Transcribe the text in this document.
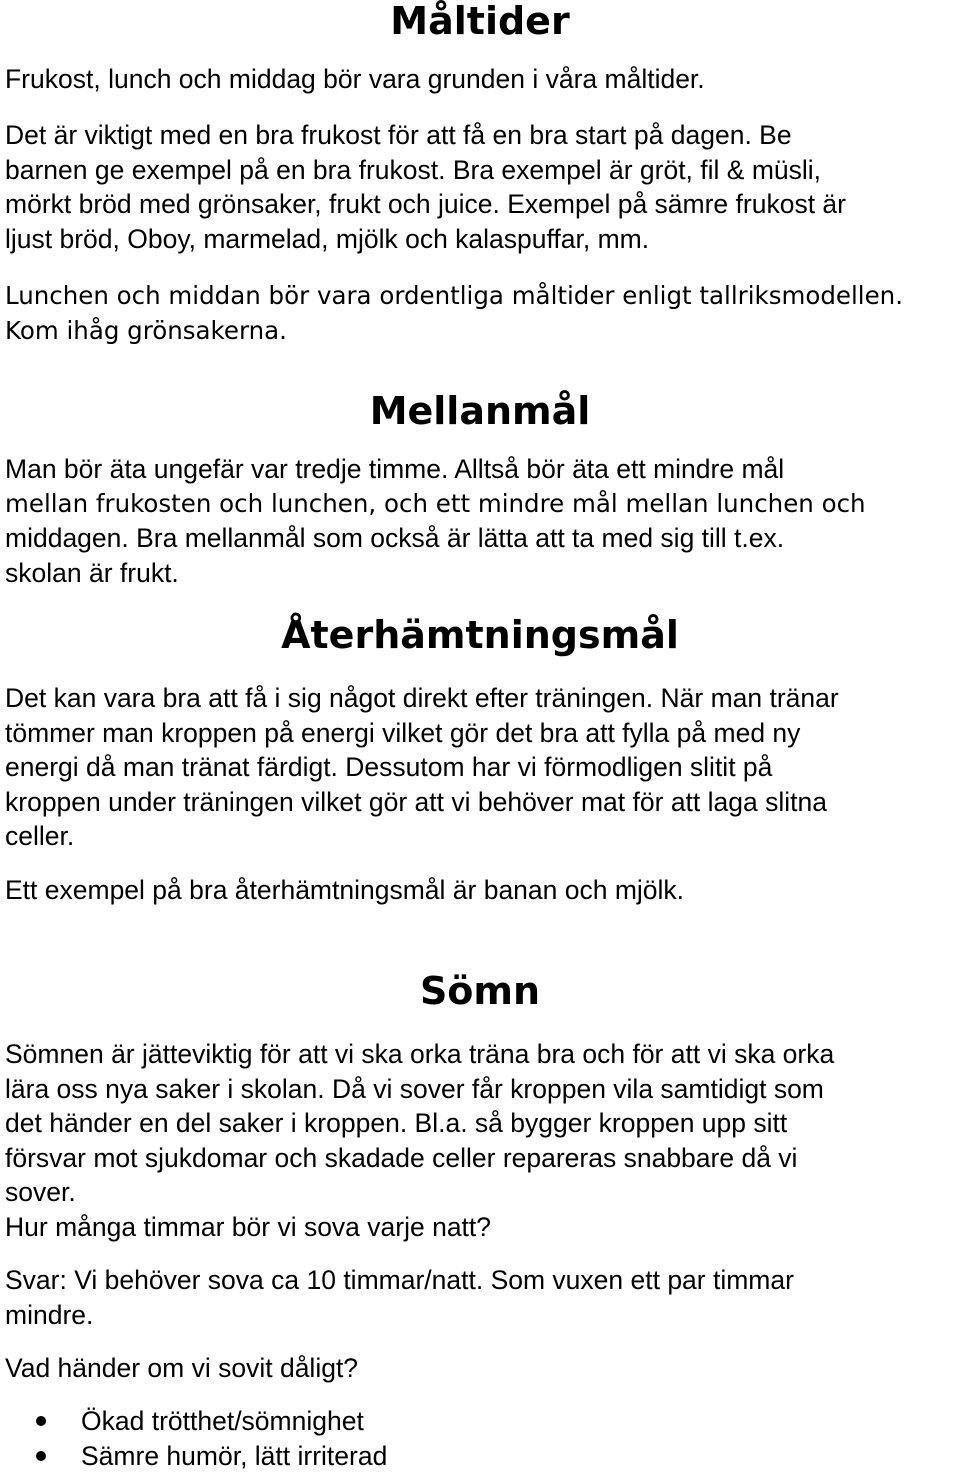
Måltider

Frukost, lunch och middag bör vara grunden i våra måltider.

Det är viktigt med en bra frukost för att få en bra start på dagen. Be
barnen ge exempel på en bra frukost. Bra exempel är gröt, fil & müsli,
mörkt bröd med grönsaker, frukt och juice. Exempel på sämre frukost är
ljust bröd, Oboy, marmelad, mjölk och kalaspuffar, mm.

Lunchen och middan bör vara ordentliga måltider enligt tallriksmodellen.
Kom ihåg grönsakerna.

Mellanmål

Man bör äta ungefär var tredje timme. Alltså bör äta ett mindre mål
mellan frukosten och lunchen, och ett mindre mål mellan lunchen och
middagen. Bra mellanmål som också är lätta att ta med sig till t.ex.
skolan är frukt.

Återhämtningsmål

Det kan vara bra att få i sig något direkt efter träningen. När man tränar
tömmer man kroppen på energi vilket gör det bra att fylla på med ny
energi då man tränat färdigt. Dessutom har vi förmodligen slitit på
kroppen under träningen vilket gör att vi behöver mat för att laga slitna
celler.

Ett exempel på bra återhämtningsmål är banan och mjölk.

Sömn

Sömnen är jätteviktig för att vi ska orka träna bra och för att vi ska orka
lära oss nya saker i skolan. Då vi sover får kroppen vila samtidigt som
det händer en del saker i kroppen. Bl.a. så bygger kroppen upp sitt
försvar mot sjukdomar och skadade celler repareras snabbare då vi
sover.
Hur många timmar bör vi sova varje natt?

Svar: Vi behöver sova ca 10 timmar/natt. Som vuxen ett par timmar
mindre.

Vad händer om vi sovit dåligt?

Ökad trötthet/sömnighet
Sämre humör, lätt irriterad
